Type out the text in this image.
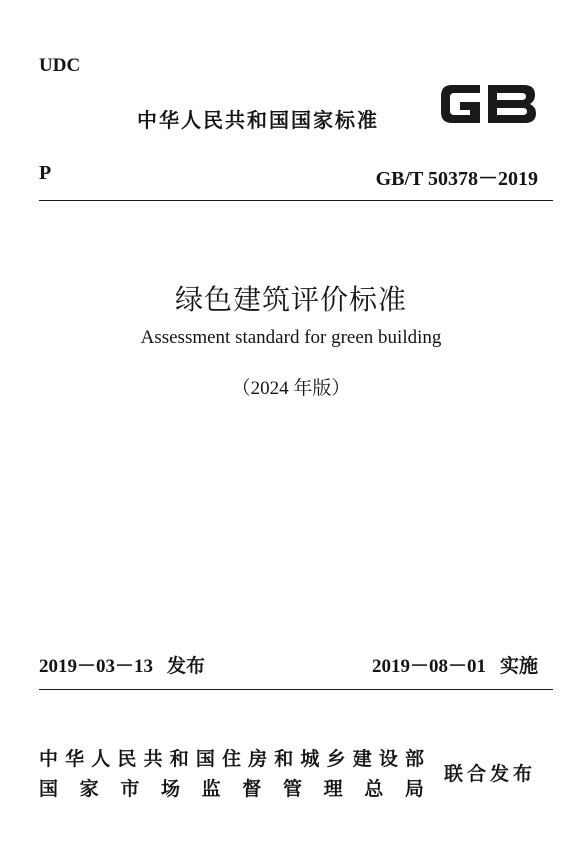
UDC
中华人民共和国国家标准
P	GB/T 50378－2019
绿色建筑评价标准
Assessment standard for green building
（2024 年版）
2019－03－13 发布	2019－08－01 实施
中 华 人 民 共 和 国 住 房 和 城 乡 建 设 部
国 家 市 场 监 督 管 理 总 局
联合发布
